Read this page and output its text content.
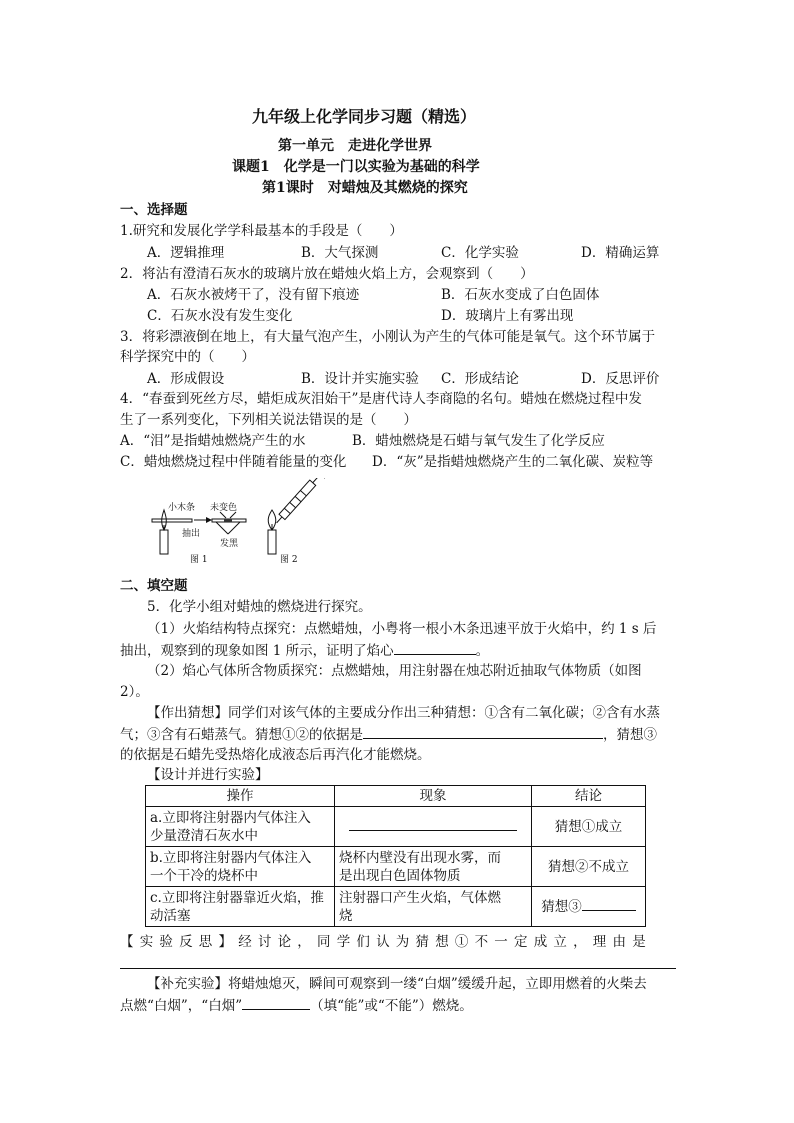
九年级上化学同步习题（精选）
第一单元　走进化学世界
课题1　化学是一门以实验为基础的科学
第1课时　对蜡烛及其燃烧的探究
一、选择题
1.研究和发展化学学科最基本的手段是（　　）
A．逻辑推理	B．大气探测	C．化学实验	D．精确运算
2．将沾有澄清石灰水的玻璃片放在蜡烛火焰上方，会观察到（　　）
A．石灰水被烤干了，没有留下痕迹	B．石灰水变成了白色固体
C．石灰水没有发生变化	D．玻璃片上有雾出现
3．将彩漂液倒在地上，有大量气泡产生，小刚认为产生的气体可能是氧气。这个环节属于
科学探究中的（　　）
A．形成假设	B．设计并实施实验 C．形成结论	D．反思评价
4．“春蚕到死丝方尽，蜡炬成灰泪始干”是唐代诗人李商隐的名句。蜡烛在燃烧过程中发
生了一系列变化，下列相关说法错误的是（　　）
A．“泪”是指蜡烛燃烧产生的水	B．蜡烛燃烧是石蜡与氧气发生了化学反应
C．蜡烛燃烧过程中伴随着能量的变化 D．“灰”是指蜡烛燃烧产生的二氧化碳、炭粒等
小木条 未变色
抽出
发黑
图 1	图 2
二、填空题
5．化学小组对蜡烛的燃烧进行探究。
（1）火焰结构特点探究：点燃蜡烛，小粤将一根小木条迅速平放于火焰中，约 1 s 后
抽出，观察到的现象如图 1 所示，证明了焰心	。
（2）焰心气体所含物质探究：点燃蜡烛，用注射器在烛芯附近抽取气体物质（如图
2）。
【作出猜想】同学们对该气体的主要成分作出三种猜想：①含有二氧化碳；②含有水蒸
气；③含有石蜡蒸气。猜想①②的依据是	，猜想③
的依据是石蜡先受热熔化成液态后再汽化才能燃烧。
【设计并进行实验】
操作	现象	结论
a.立即将注射器内气体注入
少量澄清石灰水中		猜想①成立
b.立即将注射器内气体注入
一个干冷的烧杯中	烧杯内壁没有出现水雾，而
是出现白色固体物质	猜想②不成立
c.立即将注射器靠近火焰，推
动活塞	注射器口产生火焰，气体燃
烧	猜想③
【实验反思】经讨论，同学们认为猜想①不一定成立，理由是
【补充实验】将蜡烛熄灭，瞬间可观察到一缕“白烟”缓缓升起，立即用燃着的火柴去
点燃“白烟”，“白烟”	（填“能”或“不能”）燃烧。
